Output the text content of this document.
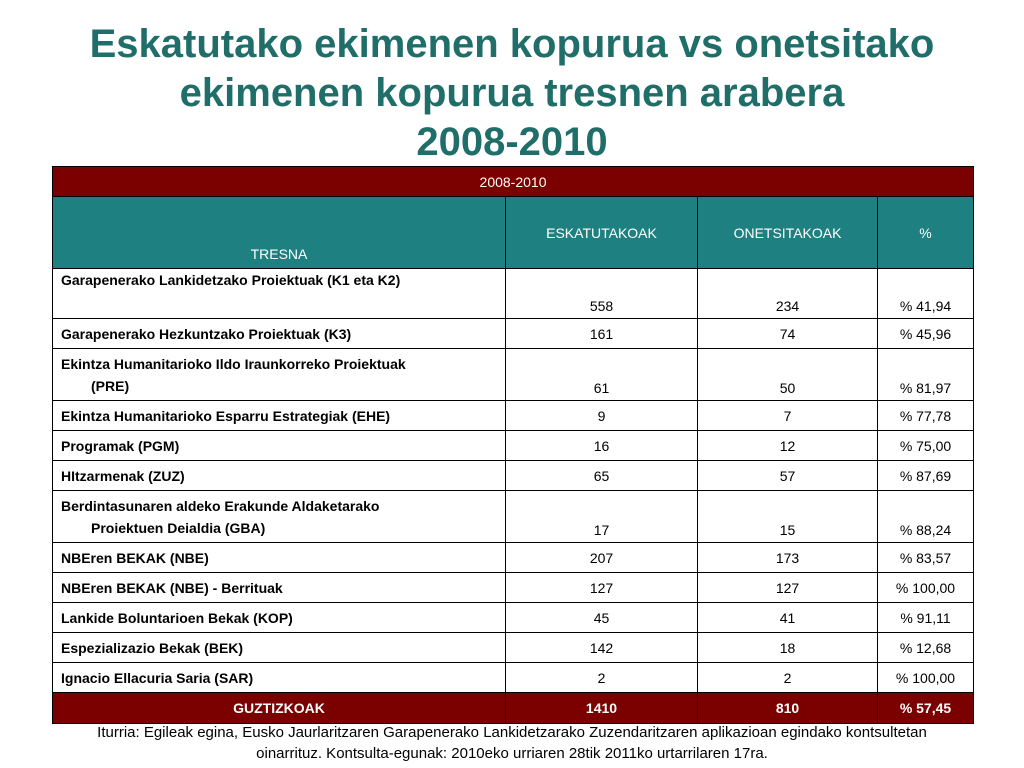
Eskatutako ekimenen kopurua vs onetsitako
ekimenen kopurua tresnen arabera
2008-2010
2008-2010			
TRESNA	ESKATUTAKOAK	ONETSITAKOAK	%
Garapenerako Lankidetzako Proiektuak (K1 eta K2)	558	234	% 41,94
Garapenerako Hezkuntzako Proiektuak (K3)	161	74	% 45,96
Ekintza Humanitarioko Ildo Iraunkorreko Proiektuak
(PRE)	61	50	% 81,97
Ekintza Humanitarioko Esparru Estrategiak (EHE)	9	7	% 77,78
Programak (PGM)	16	12	% 75,00
HItzarmenak (ZUZ)	65	57	% 87,69
Berdintasunaren aldeko Erakunde Aldaketarako
Proiektuen Deialdia (GBA)	17	15	% 88,24
NBEren BEKAK (NBE)	207	173	% 83,57
NBEren BEKAK (NBE) - Berrituak	127	127	% 100,00
Lankide Boluntarioen Bekak (KOP)	45	41	% 91,11
Espezializazio Bekak (BEK)	142	18	% 12,68
Ignacio Ellacuria Saria (SAR)	2	2	% 100,00
GUZTIZKOAK	1410	810	% 57,45
Iturria: Egileak egina, Eusko Jaurlaritzaren Garapenerako Lankidetzarako Zuzendaritzaren aplikazioan egindako kontsultetan
oinarrituz. Kontsulta-egunak: 2010eko urriaren 28tik 2011ko urtarrilaren 17ra.
